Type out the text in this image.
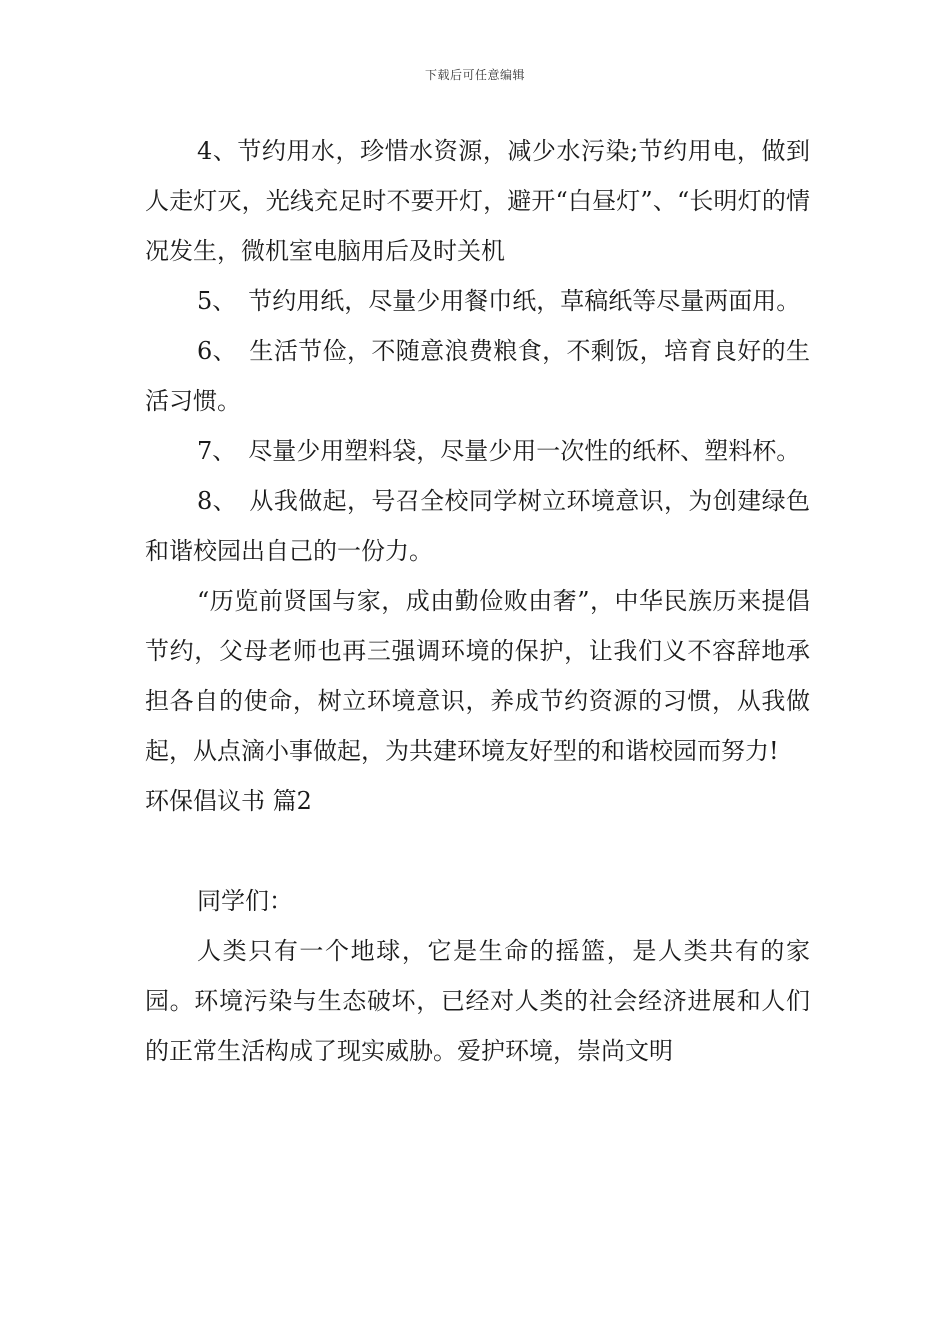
下载后可任意编辑

4、节约用水，珍惜水资源，减少水污染;节约用电，做到人走灯灭，光线充足时不要开灯，避开“白昼灯”、“长明灯的情况发生，微机室电脑用后及时关机

5、　节约用纸，尽量少用餐巾纸，草稿纸等尽量两面用。

6、　生活节俭，不随意浪费粮食，不剩饭，培育良好的生活习惯。

7、　尽量少用塑料袋，尽量少用一次性的纸杯、塑料杯。

8、　从我做起，号召全校同学树立环境意识，为创建绿色和谐校园出自己的一份力。

“历览前贤国与家，成由勤俭败由奢”，中华民族历来提倡节约，父母老师也再三强调环境的保护，让我们义不容辞地承担各自的使命，树立环境意识，养成节约资源的习惯，从我做起，从点滴小事做起，为共建环境友好型的和谐校园而努力!

环保倡议书 篇2

同学们：

人类只有一个地球，它是生命的摇篮，是人类共有的家园。环境污染与生态破坏，已经对人类的社会经济进展和人们的正常生活构成了现实威胁。爱护环境，崇尚文明
